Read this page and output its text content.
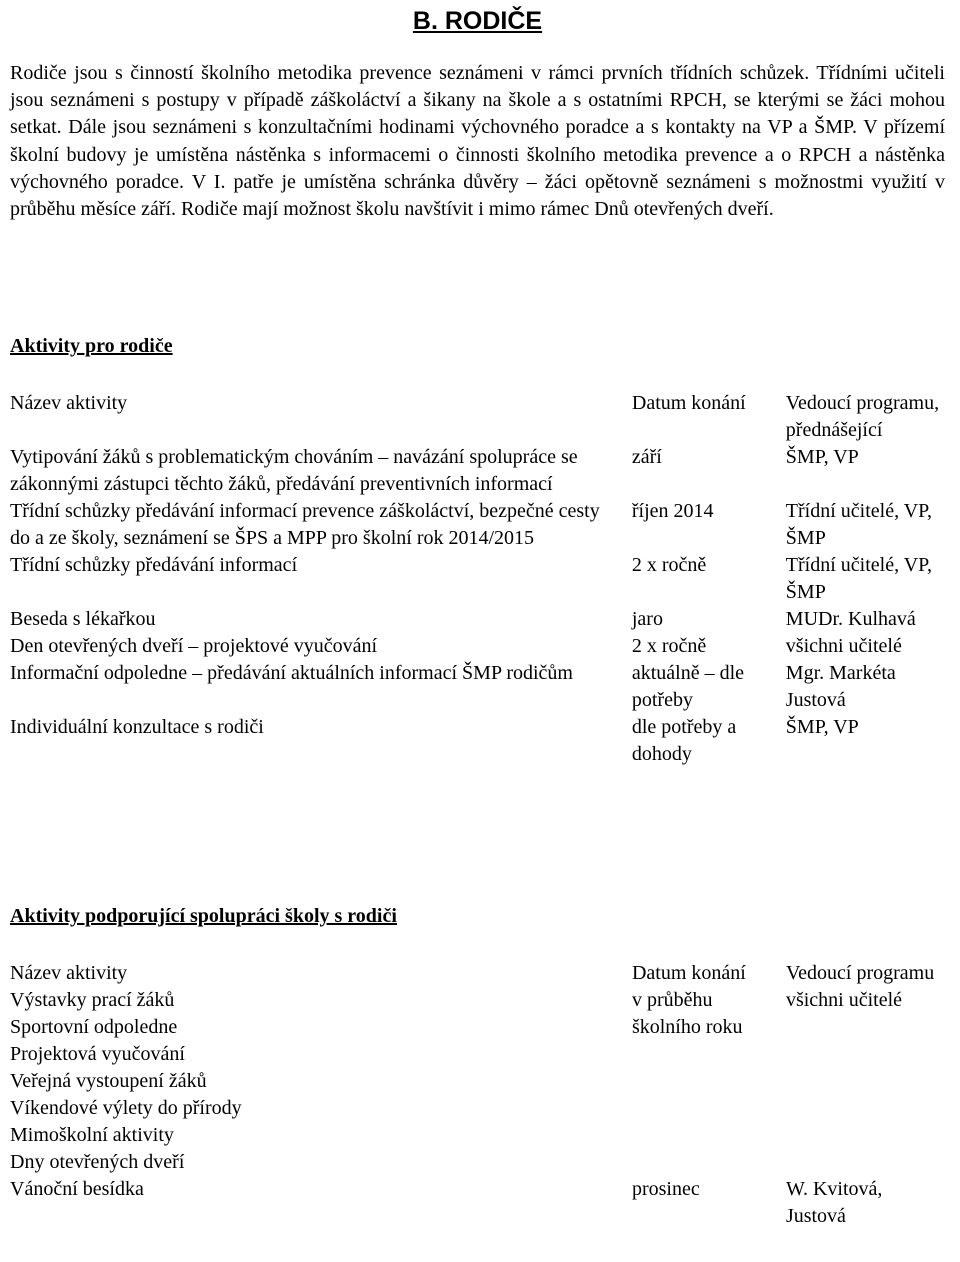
B. RODIČE

Rodiče jsou s činností školního metodika prevence seznámeni v rámci prvních třídních schůzek. Třídními učiteli jsou seznámeni s postupy v případě záškoláctví a šikany na škole a s ostatními RPCH, se kterými se žáci mohou setkat. Dále jsou seznámeni s konzultačními hodinami výchovného poradce a s kontakty na VP a ŠMP. V přízemí školní budovy je umístěna nástěnka s informacemi o činnosti školního metodika prevence a o RPCH a nástěnka výchovného poradce. V I. patře je umístěna schránka důvěry – žáci opětovně seznámeni s možnostmi využití v průběhu měsíce září. Rodiče mají možnost školu navštívit i mimo rámec Dnů otevřených dveří.

Aktivity pro rodiče
Název aktivity	Datum konání	Vedoucí programu, přednášející
Vytipování žáků s problematickým chováním – navázání spolupráce se zákonnými zástupci těchto žáků, předávání preventivních informací	září	ŠMP, VP
Třídní schůzky předávání informací prevence záškoláctví, bezpečné cesty do a ze školy, seznámení se ŠPS a MPP pro školní rok 2014/2015	říjen 2014	Třídní učitelé, VP, ŠMP
Třídní schůzky předávání informací	2 x ročně	Třídní učitelé, VP, ŠMP
Beseda s lékařkou	jaro	MUDr. Kulhavá
Den otevřených dveří – projektové vyučování	2 x ročně	všichni učitelé
Informační odpoledne – předávání aktuálních informací ŠMP rodičům	aktuálně – dle potřeby	Mgr. Markéta Justová
Individuální konzultace s rodiči	dle potřeby a dohody	ŠMP, VP
Aktivity podporující spolupráci školy s rodiči
Název aktivity	Datum konání	Vedoucí programu
Výstavky prací žáků	v průběhu školního roku	všichni učitelé
Sportovní odpoledne		
Projektová vyučování		
Veřejná vystoupení žáků		
Víkendové výlety do přírody		
Mimoškolní aktivity		
Dny otevřených dveří		
Vánoční besídka	prosinec	W. Kvitová, Justová
